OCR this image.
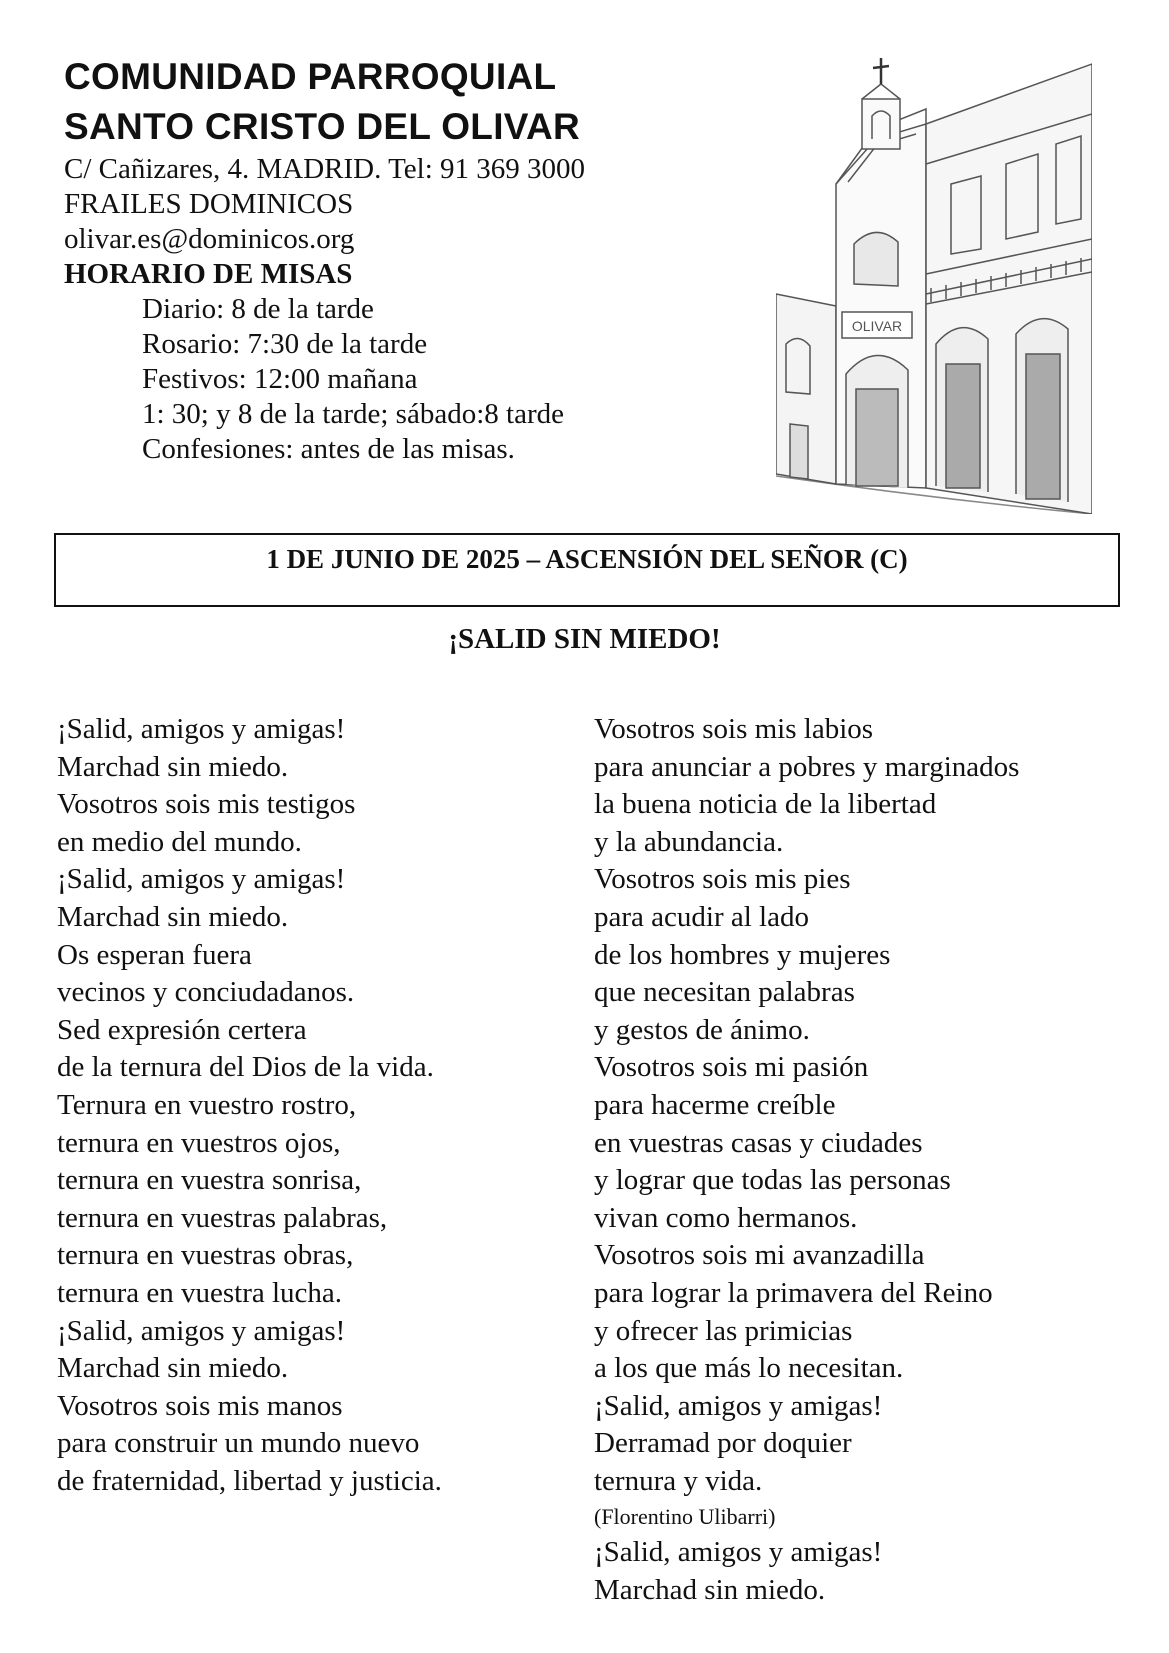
COMUNIDAD PARROQUIAL
SANTO CRISTO DEL OLIVAR
C/ Cañizares, 4. MADRID. Tel: 91 369 3000
FRAILES DOMINICOS
olivar.es@dominicos.org
HORARIO DE MISAS
Diario: 8 de la tarde
Rosario: 7:30 de la tarde
Festivos: 12:00 mañana
1: 30; y 8 de la tarde; sábado:8 tarde
Confesiones: antes de las misas.
OLIVAR
1 DE JUNIO DE 2025 – ASCENSIÓN DEL SEÑOR (C)
¡SALID SIN MIEDO!
¡Salid, amigos y amigas!
Marchad sin miedo.
Vosotros sois mis testigos
en medio del mundo.
¡Salid, amigos y amigas!
Marchad sin miedo.
Os esperan fuera
vecinos y conciudadanos.
Sed expresión certera
de la ternura del Dios de la vida.
Ternura en vuestro rostro,
ternura en vuestros ojos,
ternura en vuestra sonrisa,
ternura en vuestras palabras,
ternura en vuestras obras,
ternura en vuestra lucha.
¡Salid, amigos y amigas!
Marchad sin miedo.
Vosotros sois mis manos
para construir un mundo nuevo
de fraternidad, libertad y justicia.
Vosotros sois mis labios
para anunciar a pobres y marginados
la buena noticia de la libertad
y la abundancia.
Vosotros sois mis pies
para acudir al lado
de los hombres y mujeres
que necesitan palabras
y gestos de ánimo.
Vosotros sois mi pasión
para hacerme creíble
en vuestras casas y ciudades
y lograr que todas las personas
vivan como hermanos.
Vosotros sois mi avanzadilla
para lograr la primavera del Reino
y ofrecer las primicias
a los que más lo necesitan.
¡Salid, amigos y amigas!
Derramad por doquier
ternura y vida.
(Florentino Ulibarri)
¡Salid, amigos y amigas!
Marchad sin miedo.
